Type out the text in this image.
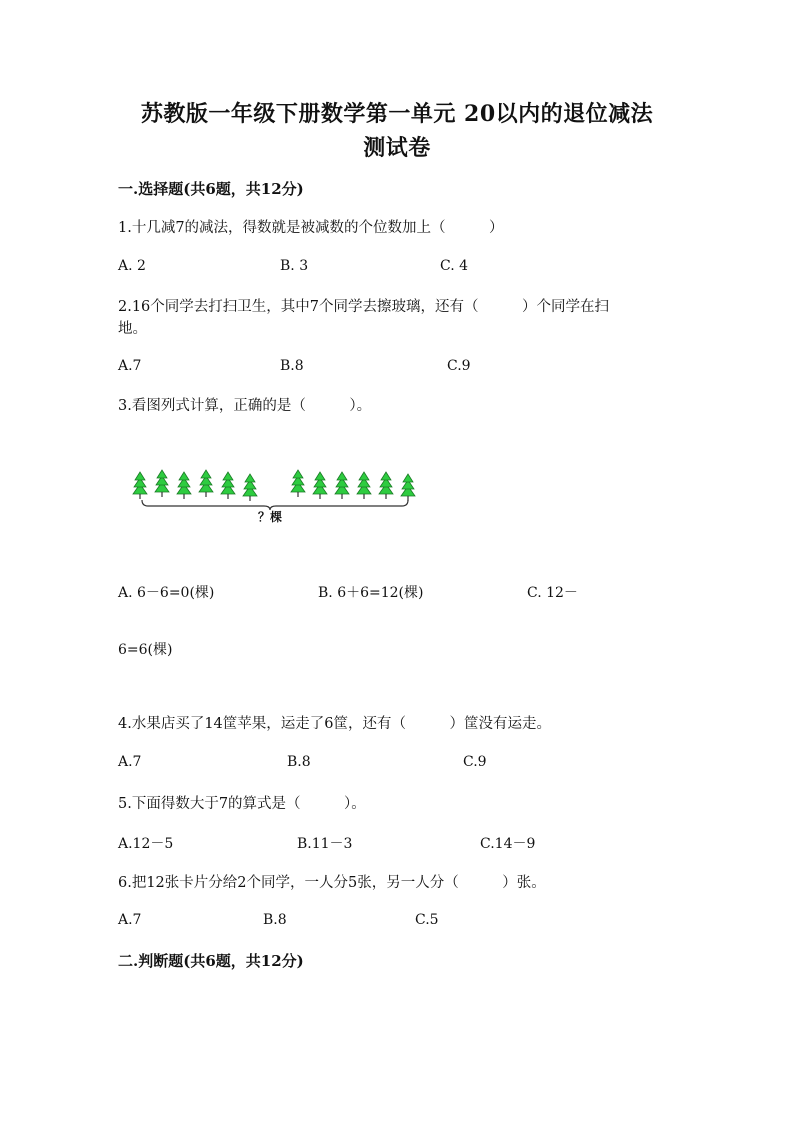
苏教版一年级下册数学第一单元 20以内的退位减法
测试卷
一.选择题(共6题，共12分)
1.十几减7的减法，得数就是被减数的个位数加上（　　　）
A. 2	B. 3	C. 4
2.16个同学去打扫卫生，其中7个同学去擦玻璃，还有（　　　）个同学在扫
地。
A.7	B.8	C.9
3.看图列式计算，正确的是（　　　）。
？棵
A. 6－6=0(棵)	B. 6＋6=12(棵)	C. 12－
6=6(棵)
4.水果店买了14筐苹果，运走了6筐，还有（　　　）筐没有运走。
A.7	B.8	C.9
5.下面得数大于7的算式是（　　　）。
A.12－5	B.11－3	C.14－9
6.把12张卡片分给2个同学，一人分5张，另一人分（　　　）张。
A.7	B.8	C.5
二.判断题(共6题，共12分)
